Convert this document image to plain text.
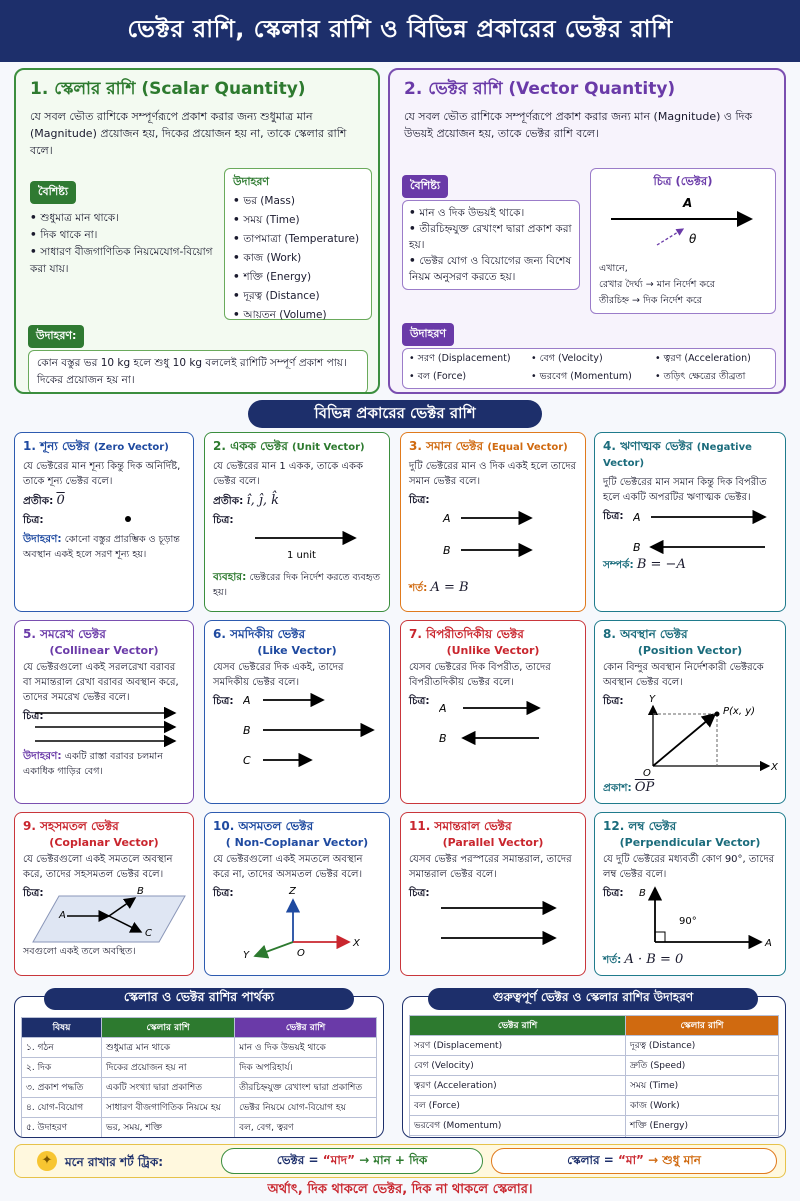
ভেক্টর রাশি, স্কেলার রাশি ও বিভিন্ন প্রকারের ভেক্টর রাশি
1. স্কেলার রাশি (Scalar Quantity)
যে সবল ভৌত রাশিকে সম্পূর্ণরূপে প্রকাশ করার জন্য শুধুমাত্র মান (Magnitude) প্রয়োজন হয়, দিকের প্রয়োজন হয় না, তাকে স্কেলার রাশি বলে।
বৈশিষ্ট্য
• শুধুমাত্র মান থাকে।
• দিক থাকে না।
• সাধারণ বীজগাণিতিক নিয়মেযোগ-বিয়োগ করা যায়।
উদাহরণ
• ভর (Mass)
• সময় (Time)
• তাপমাত্রা (Temperature)
• কাজ (Work)
• শক্তি (Energy)
• দূরত্ব (Distance)
• আয়তন (Volume)
উদাহরণ:
কোন বস্তুর ভর 10 kg হলে শুধু 10 kg বললেই রাশিটি সম্পূর্ণ প্রকাশ পায়। দিকের প্রয়োজন হয় না।
2. ভেক্টর রাশি (Vector Quantity)
যে সবল ভৌত রাশিকে সম্পূর্ণরূপে প্রকাশ করার জন্য মান (Magnitude) ও দিক উভয়ই প্রয়োজন হয়, তাকে ভেক্টর রাশি বলে।
বৈশিষ্ট্য
• মান ও দিক উভয়ই থাকে।
• তীরচিহ্নযুক্ত রেখাংশ দ্বারা প্রকাশ করা হয়।
• ভেক্টর যোগ ও বিয়োগের জন্য বিশেষ নিয়ম অনুসরণ করতে হয়।
চিত্র (ভেক্টর)
A
θ
এখানে,
রেখার দৈর্ঘ্য → মান নির্দেশ করে
তীরচিহ্ন → দিক নির্দেশ করে
উদাহরণ
• সরণ (Displacement)	• বেগ (Velocity)	• ত্বরণ (Acceleration)
• বল (Force)	• ভরবেগ (Momentum)	• তড়িৎ ক্ষেত্রের তীব্রতা
বিভিন্ন প্রকারের ভেক্টর রাশি
1. শূন্য ভেক্টর (Zero Vector)
যে ভেক্টরের মান শূন্য কিন্তু দিক অনির্দিষ্ট, তাকে শূন্য ভেক্টর বলে।
প্রতীক: 0
চিত্র:
উদাহরণ: কোনো বস্তুর প্রারম্ভিক ও চূড়ান্ত অবস্থান একই হলে সরণ শূন্য হয়।
2. একক ভেক্টর (Unit Vector)
যে ভেক্টরের মান 1 একক, তাকে একক ভেক্টর বলে।
প্রতীক: î, ĵ, k̂
চিত্র:
1 unit
ব্যবহার: ভেক্টরের দিক নির্দেশ করতে ব্যবহৃত হয়।
3. সমান ভেক্টর (Equal Vector)
দুটি ভেক্টরের মান ও দিক একই হলে তাদের সমান ভেক্টর বলে।
চিত্র:
A
B
শর্ত: A = B
4. ঋণাত্মক ভেক্টর (Negative Vector)
দুটি ভেক্টরের মান সমান কিন্তু দিক বিপরীত হলে একটি অপরটির ঋণাত্মক ভেক্টর।
চিত্র: A
B
সম্পর্ক: B = −A
5. সমরেখ ভেক্টর
(Collinear Vector)
যে ভেক্টরগুলো একই সরলরেখা বরাবর বা সমান্তরাল রেখা বরাবর অবস্থান করে, তাদের সমরেখ ভেক্টর বলে।
চিত্র:
উদাহরণ: একটি রাস্তা বরাবর চলমান একাধিক গাড়ির বেগ।
6. সমদিকীয় ভেক্টর
(Like Vector)
যেসব ভেক্টরের দিক একই, তাদের সমদিকীয় ভেক্টর বলে।
চিত্র: A
B
C
7. বিপরীতদিকীয় ভেক্টর
(Unlike Vector)
যেসব ভেক্টরের দিক বিপরীত, তাদের বিপরীতদিকীয় ভেক্টর বলে।
চিত্র:
A
B
8. অবস্থান ভেক্টর
(Position Vector)
কোন বিন্দুর অবস্থান নির্দেশকারী ভেক্টরকে অবস্থান ভেক্টর বলে।
চিত্র:	Y
X
O
P(x, y)
প্রকাশ: $\overline{OP}$
9. সহসমতল ভেক্টর
(Coplanar Vector)
যে ভেক্টরগুলো একই সমতলে অবস্থান করে, তাদের সহসমতল ভেক্টর বলে।
চিত্র:
A
B
C
সবগুলো একই তলে অবস্থিত।
10. অসমতল ভেক্টর
( Non-Coplanar Vector)
যে ভেক্টরগুলো একই সমতলে অবস্থান করে না, তাদের অসমতল ভেক্টর বলে।
চিত্র:	Z
X
Y	O
11. সমান্তরাল ভেক্টর
(Parallel Vector)
যেসব ভেক্টর পরস্পরের সমান্তরাল, তাদের সমান্তরাল ভেক্টর বলে।
চিত্র:
12. লম্ব ভেক্টর
(Perpendicular Vector)
যে দুটি ভেক্টরের মধ্যবর্তী কোণ 90°, তাদের লম্ব ভেক্টর বলে।
চিত্র: B
A
90°
শর্ত: A · B = 0
বিষয়	স্কেলার রাশি	ভেক্টর রাশি
১. গঠন	শুধুমাত্র মান থাকে	মান ও দিক উভয়ই থাকে
২. দিক	দিকের প্রয়োজন হয় না	দিক অপরিহার্য।
৩. প্রকাশ পদ্ধতি	একটি সংখ্যা দ্বারা প্রকাশিত	তীরচিহ্নযুক্ত রেখাংশ দ্বারা প্রকাশিত
৪. যোগ-বিয়োগ	সাধারণ বীজগাণিতিক নিয়মে হয়	ভেক্টর নিয়মে যোগ-বিয়োগ হয়
৫. উদাহরণ	ভর, সময়, শক্তি	বল, বেগ, ত্বরণ
স্কেলার ও ভেক্টর রাশির পার্থক্য
ভেক্টর রাশি	স্কেলার রাশি
সরণ (Displacement)	দূরত্ব (Distance)
বেগ (Velocity)	দ্রুতি (Speed)
ত্বরণ (Acceleration)	সময় (Time)
বল (Force)	কাজ (Work)
ভরবেগ (Momentum)	শক্তি (Energy)

গুরুত্বপূর্ণ ভেক্টর ও স্কেলার রাশির উদাহরণ
✦	মনে রাখার শর্ট ট্রিক:	ভেক্টর = “মাদ” → মান + দিক	স্কেলার = “মা” → শুধু মান
অর্থাৎ, দিক থাকলে ভেক্টর, দিক না থাকলে স্কেলার।
